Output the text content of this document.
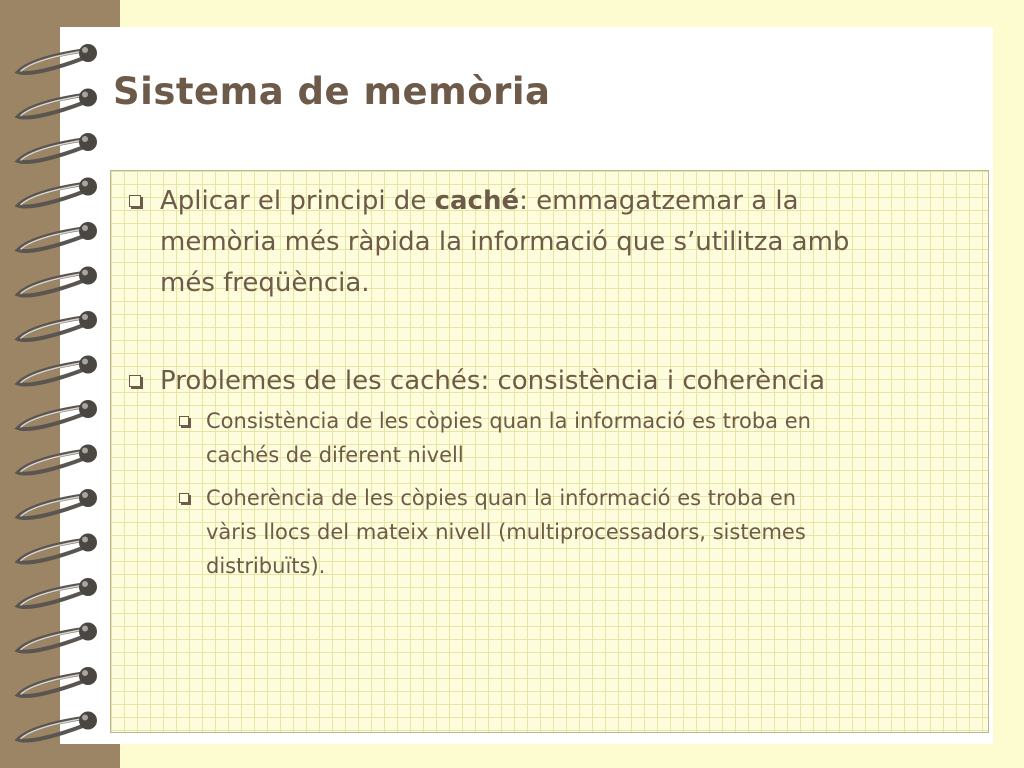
Sistema de memòria
Aplicar el principi de caché: emmagatzemar a la
memòria més ràpida la informació que s’utilitza amb
més freqüència.
Problemes de les cachés: consistència i coherència
Consistència de les còpies quan la informació es troba en
cachés de diferent nivell
Coherència de les còpies quan la informació es troba en
vàris llocs del mateix nivell (multiprocessadors, sistemes
distribuïts).
